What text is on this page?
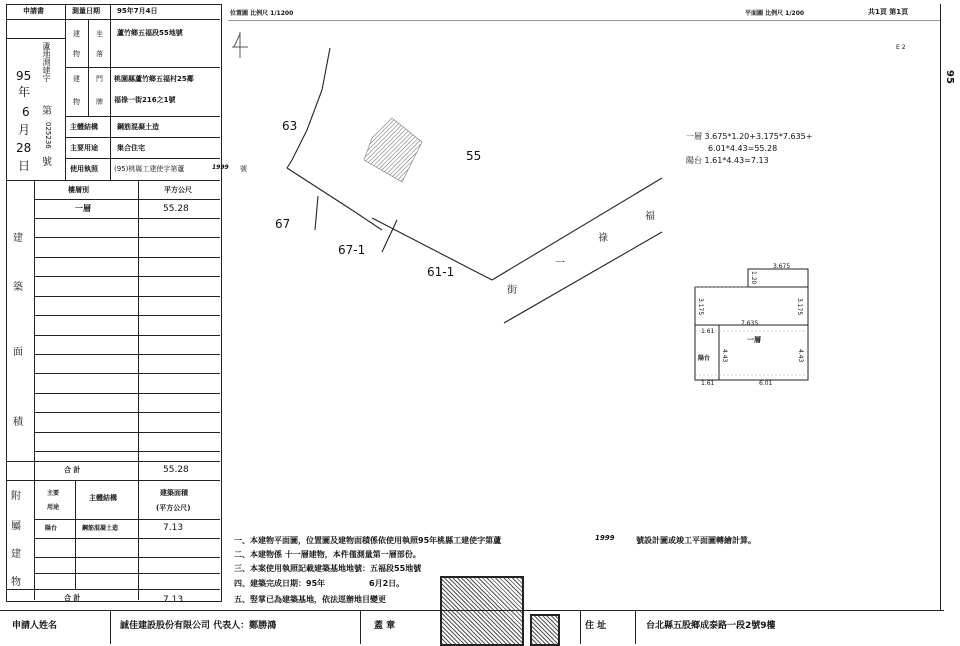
申請書	測量日期 95年7月4日
95
年
6
月
28
日
蘆地測建字
第
025236
號
建 坐 蘆竹鄉五福段55地號
物 落
建 門
物 牌
桃園縣蘆竹鄉五福村25鄰
福祿一街216之1號
主體結構	鋼筋混凝土造
主要用途	集合住宅
使用執照 (95)桃縣工建使字第蘆	1999 號
建
築
面
積
樓層別	平方公尺
一層	55.28
合 計	55.28
附
屬
建
物
主要
用途
主體結構
建築面積
(平方公尺)
陽台	鋼筋混凝土造	7.13
合 計	7.13
位置圖 比例尺 1/1200	平面圖 比例尺 1/200	共1頁 第1頁
E 2
95
63
55
67
67-1
61-1
福
祿
一
街
一層 3.675*1.20+3.175*7.635+
6.01*4.43=55.28
陽台 1.61*4.43=7.13
3.675
1.20
3.175	3.175
7.635
1.61
4.43	4.43
1.61	6.01
一層
陽台
一、本建物平面圖，位置圖及建物面積係依使用執照95年桃縣工建使字第蘆	1999	號設計圖或竣工平面圖轉繪計算。
二、本建物係 十一層建物，本件僅測量第一層部份。
三、本案使用執照記載建築基地地號：五福段55地號
四、建築完成日期：95年	6月2日。
五、竪掌已為建築基地，依法逕辦地目變更
申請人姓名	誠佳建設股份有限公司 代表人：鄭勝鴻	蓋 章	住 址	台北縣五股鄉成泰路一段2號9樓
